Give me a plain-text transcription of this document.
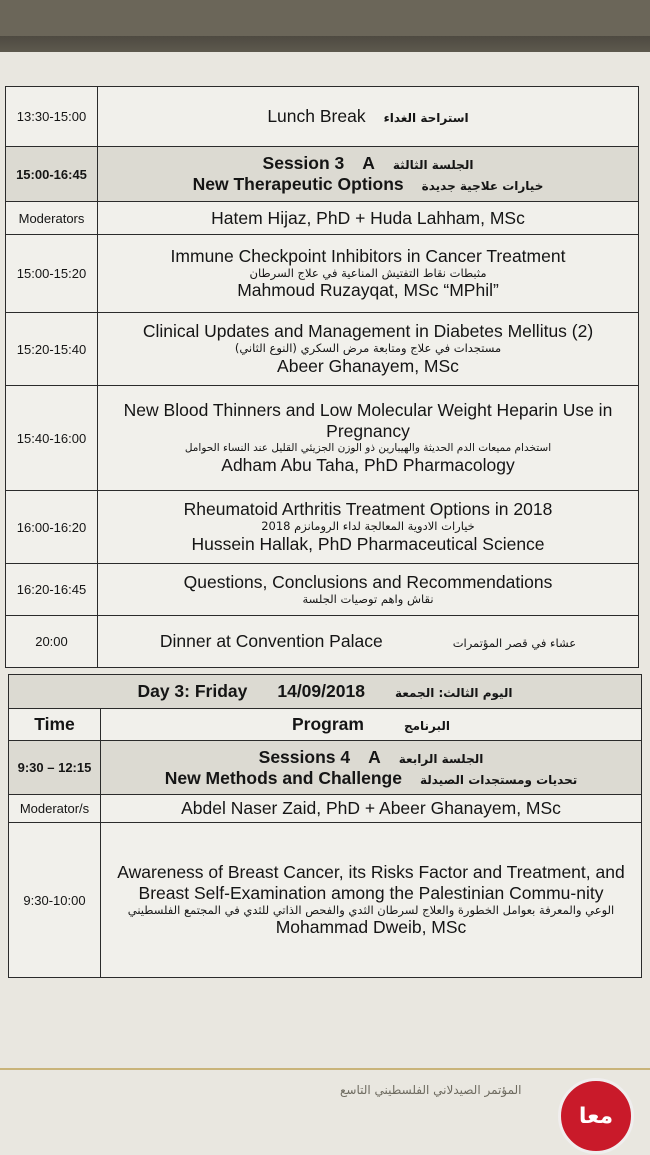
13:30-15:00	Lunch Break استراحة الغداء

15:00-16:45	Session 3 A الجلسة الثالثة
New Therapeutic Options خيارات علاجية جديدة

Moderators	Hatem Hijaz, PhD + Huda Lahham, MSc
15:00-15:20	Immune Checkpoint Inhibitors in Cancer Treatment
مثبطات نقاط التفتيش المناعية في علاج السرطان
Mahmoud Ruzayqat, MSc “MPhil”

15:20-15:40	Clinical Updates and Management in Diabetes Mellitus (2)
مستجدات في علاج ومتابعة مرض السكري (النوع الثاني)
Abeer Ghanayem, MSc

15:40-16:00	New Blood Thinners and Low Molecular Weight Heparin Use in Pregnancy
استخدام مميعات الدم الحديثة والهيبارين ذو الوزن الجزيئي القليل عند النساء الحوامل
Adham Abu Taha, PhD Pharmacology

16:00-16:20	Rheumatoid Arthritis Treatment Options in 2018
خيارات الادوية المعالجة لداء الرومانزم 2018
Hussein Hallak, PhD Pharmaceutical Science

16:20-16:45	Questions, Conclusions and Recommendations
نقاش واهم توصيات الجلسة

20:00	Dinner at Convention Palace عشاء في قصر المؤتمرات
Day 3: Friday 14/09/2018 اليوم الثالث: الجمعة	

Time	Program البرنامج

9:30 – 12:15	Sessions 4 A الجلسة الرابعة
New Methods and Challenge تحديات ومستجدات الصيدلة

Moderator/s	Abdel Naser Zaid, PhD + Abeer Ghanayem, MSc
9:30-10:00	Awareness of Breast Cancer, its Risks Factor and Treatment, and Breast Self-Examination among the Palestinian Commu-nity
الوعي والمعرفة بعوامل الخطورة والعلاج لسرطان الثدي والفحص الذاتي للثدي في المجتمع الفلسطيني
Mohammad Dweib, MSc
المؤتمر الصيدلاني الفلسطيني التاسع
معا
